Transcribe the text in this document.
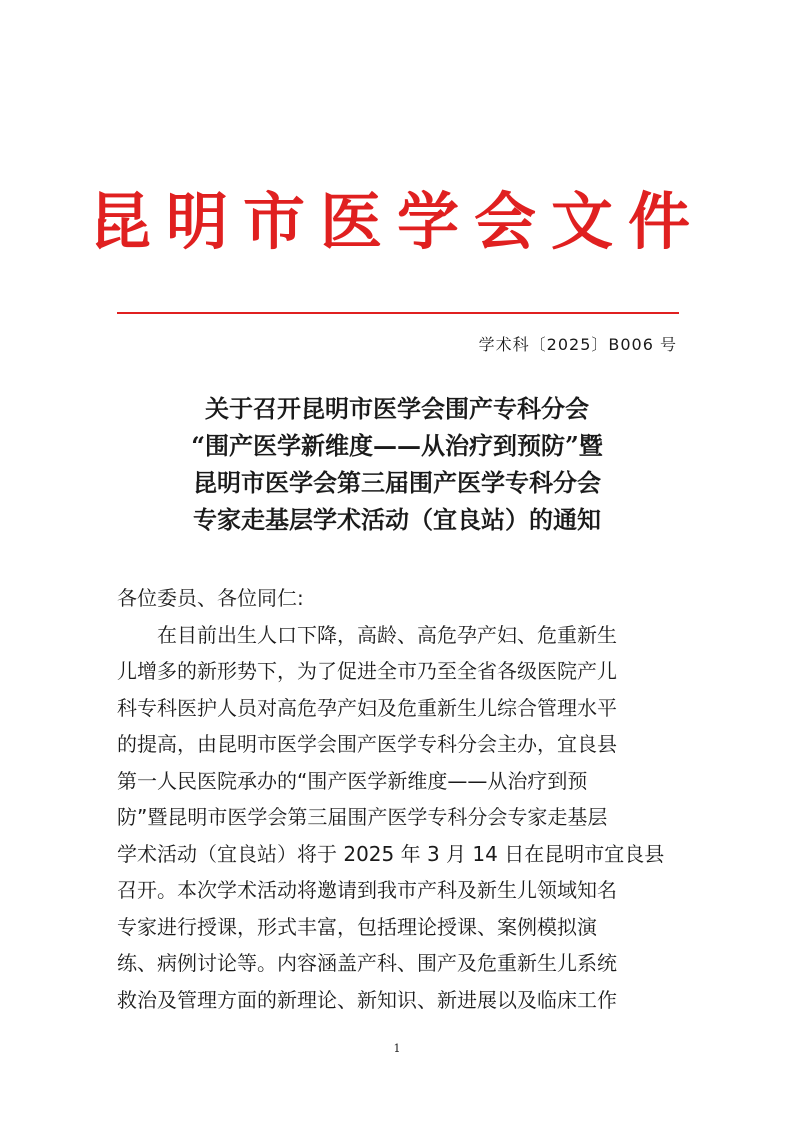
昆明市医学会文件

学术科〔2025〕B006 号

关于召开昆明市医学会围产专科分会
“围产医学新维度——从治疗到预防”暨
昆明市医学会第三届围产医学专科分会
专家走基层学术活动（宜良站）的通知
各位委员、各位同仁:
　　在目前出生人口下降，高龄、高危孕产妇、危重新生
儿增多的新形势下，为了促进全市乃至全省各级医院产儿
科专科医护人员对高危孕产妇及危重新生儿综合管理水平
的提高，由昆明市医学会围产医学专科分会主办，宜良县
第一人民医院承办的“围产医学新维度——从治疗到预
防”暨昆明市医学会第三届围产医学专科分会专家走基层
学术活动（宜良站）将于 2025 年 3 月 14 日在昆明市宜良县
召开。本次学术活动将邀请到我市产科及新生儿领域知名
专家进行授课，形式丰富，包括理论授课、案例模拟演
练、病例讨论等。内容涵盖产科、围产及危重新生儿系统
救治及管理方面的新理论、新知识、新进展以及临床工作
1
